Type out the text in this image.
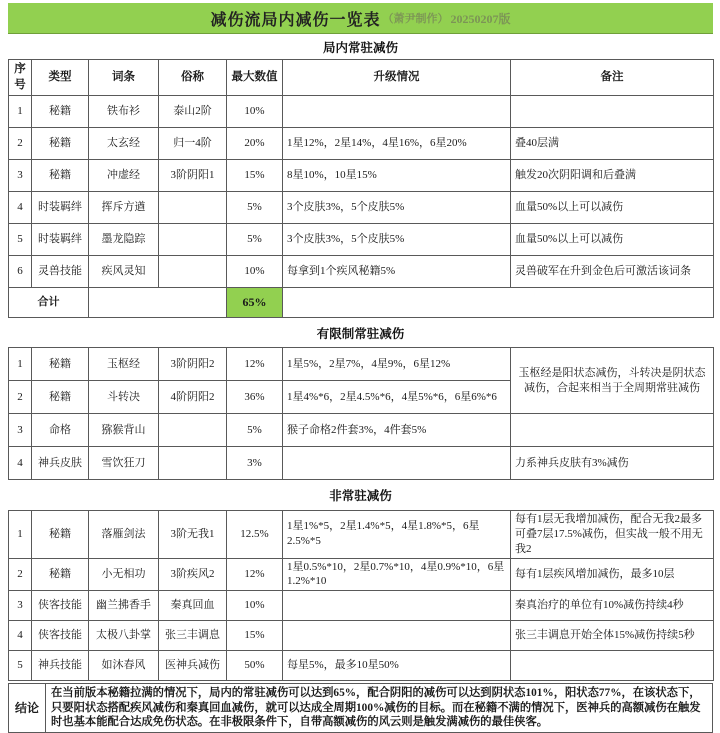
减伤流局内减伤一览表 （萧尹制作） 20250207版
局内常驻减伤
序号	类型	词条	俗称	最大数值	升级情况	备注
1	秘籍	铁布衫	泰山2阶	10%		
2	秘籍	太玄经	归一4阶	20%	1星12%，2星14%，4星16%，6星20%	叠40层满
3	秘籍	冲虚经	3阶阴阳1	15%	8星10%，10星15%	触发20次阴阳调和后叠满
4	时装羁绊	挥斥方遒		5%	3个皮肤3%，5个皮肤5%	血量50%以上可以减伤
5	时装羁绊	墨龙隐踪		5%	3个皮肤3%，5个皮肤5%	血量50%以上可以减伤
6	灵兽技能	疾风灵知		10%	每拿到1个疾风秘籍5%	灵兽破军在升到金色后可激活该词条
合计				65%		
有限制常驻减伤
1	秘籍	玉枢经	3阶阴阳2	12%	1星5%，2星7%，4星9%，6星12%	玉枢经是阳状态减伤，斗转决是阴状态减伤，合起来相当于全周期常驻减伤
2	秘籍	斗转决	4阶阴阳2	36%	1星4%*6，2星4.5%*6，4星5%*6，6星6%*6	
3	命格	猕猴背山		5%	猴子命格2件套3%，4件套5%	
4	神兵皮肤	雪饮狂刀		3%		力系神兵皮肤有3%减伤
非常驻减伤
1	秘籍	落雁剑法	3阶无我1	12.5%	1星1%*5，2星1.4%*5，4星1.8%*5，6星2.5%*5	每有1层无我增加减伤，配合无我2最多可叠7层17.5%减伤，但实战一般不用无我2
2	秘籍	小无相功	3阶疾风2	12%	1星0.5%*10，2星0.7%*10，4星0.9%*10，6星1.2%*10	每有1层疾风增加减伤，最多10层
3	侠客技能	幽兰拂香手	秦真回血	10%		秦真治疗的单位有10%减伤持续4秒
4	侠客技能	太极八卦掌	张三丰调息	15%		张三丰调息开始全体15%减伤持续5秒
5	神兵技能	如沐春风	医神兵减伤	50%	每星5%，最多10星50%	
结论	在当前版本秘籍拉满的情况下，局内的常驻减伤可以达到65%，配合阴阳的减伤可以达到阴状态101%，阳状态77%，在该状态下，只要阳状态搭配疾风减伤和秦真回血减伤，就可以达成全周期100%减伤的目标。而在秘籍不满的情况下，医神兵的高额减伤在触发时也基本能配合达成免伤状态。在非极限条件下，自带高额减伤的风云则是触发满减伤的最佳侠客。
